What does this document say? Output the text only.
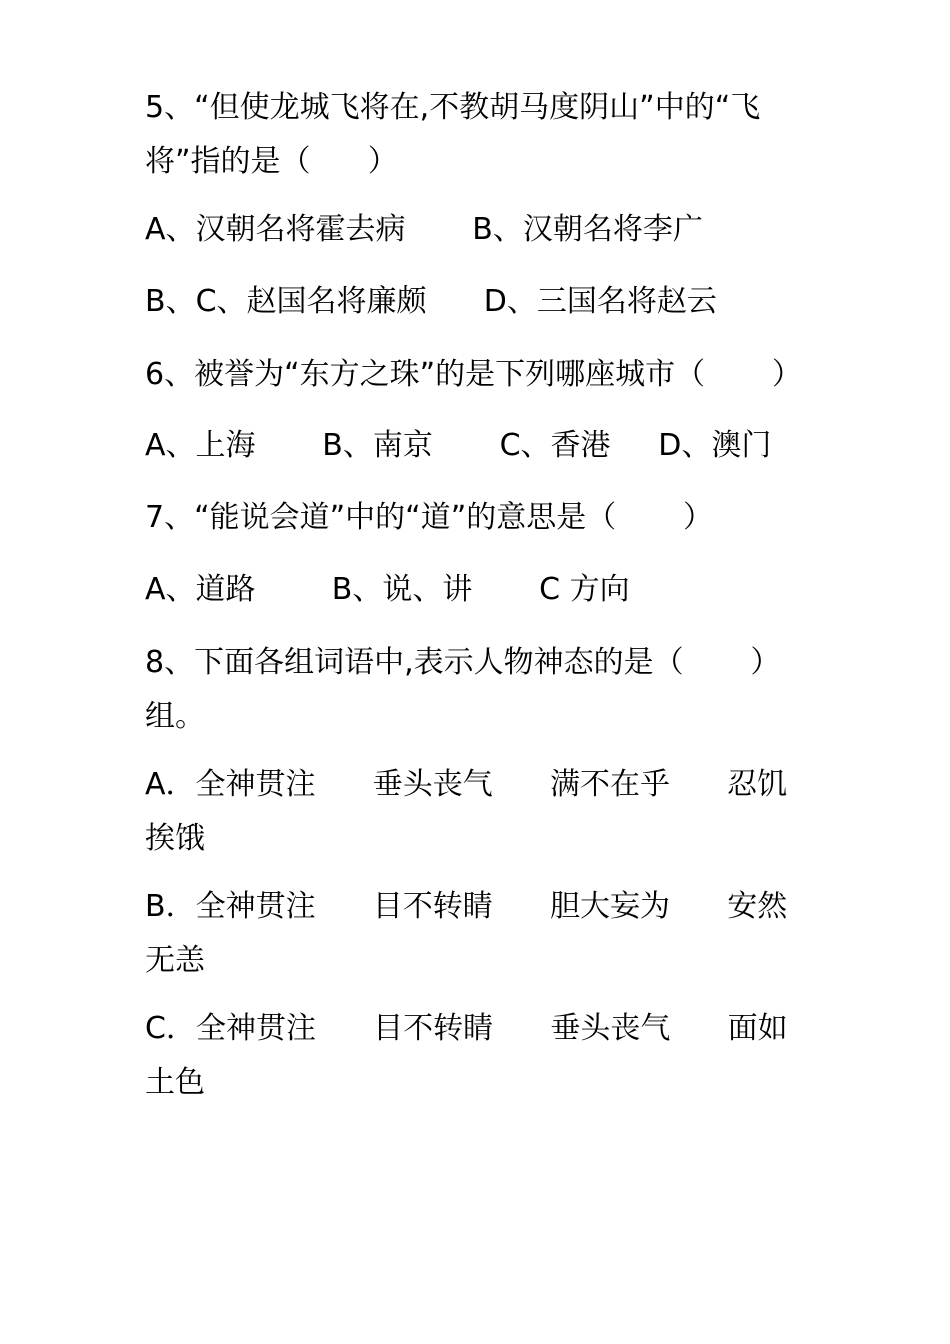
5、“但使龙城飞将在,不教胡马度阴山”中的“飞
将”指的是（      ）
A、汉朝名将霍去病       B、汉朝名将李广
B、C、赵国名将廉颇      D、三国名将赵云
6、被誉为“东方之珠”的是下列哪座城市（       ）
A、上海       B、南京       C、香港     D、澳门
7、“能说会道”中的“道”的意思是（       ）
A、道路        B、说、讲       C 方向
8、下面各组词语中,表示人物神态的是（       ）
组。
A．全神贯注      垂头丧气      满不在乎      忍饥
挨饿
B．全神贯注      目不转睛      胆大妄为      安然
无恙
C．全神贯注      目不转睛      垂头丧气      面如
土色
